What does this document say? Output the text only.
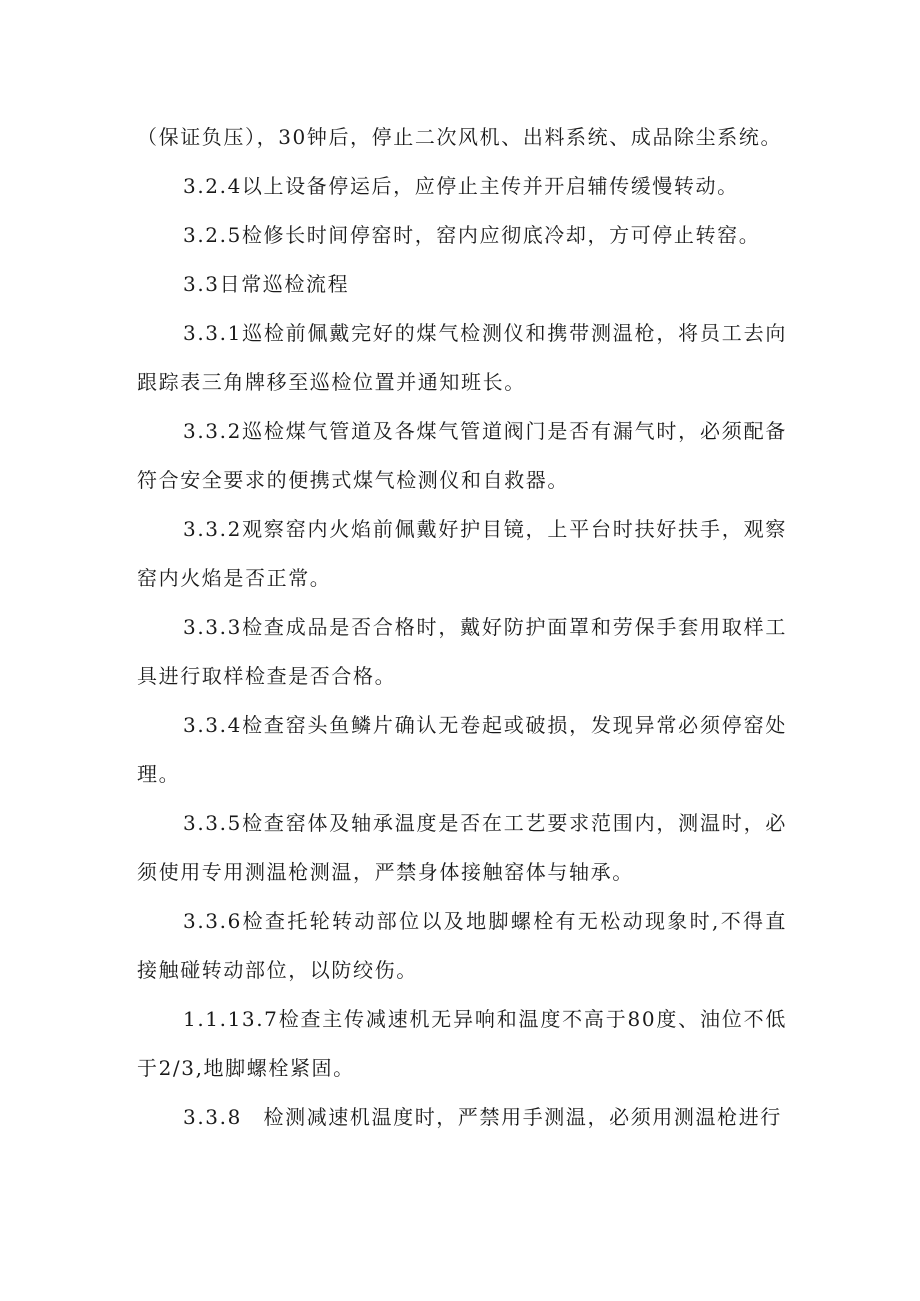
（保证负压），30钟后，停止二次风机、出料系统、成品除尘系统。

3.2.4以上设备停运后，应停止主传并开启辅传缓慢转动。

3.2.5检修长时间停窑时，窑内应彻底冷却，方可停止转窑。

3.3日常巡检流程

3.3.1巡检前佩戴完好的煤气检测仪和携带测温枪，将员工去向跟踪表三角牌移至巡检位置并通知班长。

3.3.2巡检煤气管道及各煤气管道阀门是否有漏气时，必须配备符合安全要求的便携式煤气检测仪和自救器。

3.3.2观察窑内火焰前佩戴好护目镜，上平台时扶好扶手，观察窑内火焰是否正常。

3.3.3检查成品是否合格时，戴好防护面罩和劳保手套用取样工具进行取样检查是否合格。

3.3.4检查窑头鱼鳞片确认无卷起或破损，发现异常必须停窑处理。

3.3.5检查窑体及轴承温度是否在工艺要求范围内，测温时，必须使用专用测温枪测温，严禁身体接触窑体与轴承。

3.3.6检查托轮转动部位以及地脚螺栓有无松动现象时,不得直接触碰转动部位，以防绞伤。

1.1.13.7检查主传减速机无异响和温度不高于80度、油位不低于2/3,地脚螺栓紧固。

3.3.8　检测减速机温度时，严禁用手测温，必须用测温枪进行
